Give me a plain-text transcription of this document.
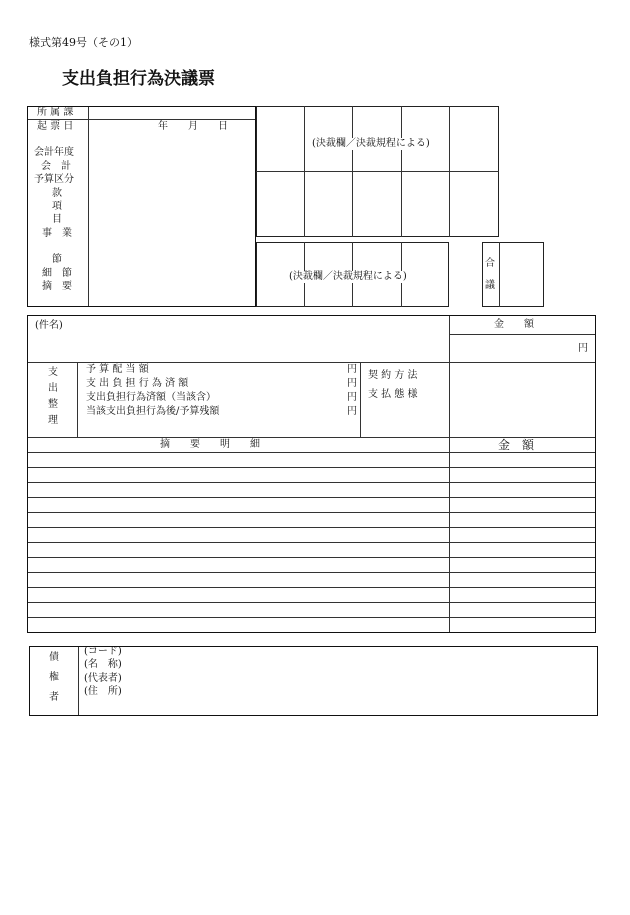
様式第49号（その1）
支出負担行為決議票
所 属 課
起 票 日	年　　月　　日
会計年度
会　計
予算区分
款
項
目
事　業
節
細　節
摘　要
(決裁欄／決裁規程による)
(決裁欄／決裁規程による)
合
議
(件名)	金　　額
円
支
出
整
理
予 算 配 当 額	円
支 出 負 担 行 為 済 額	円
支出負担行為済額（当該含）	円
当該支出負担行為後/予算残額	円
契 約 方 法
支 払 態 様
摘　　要　　明　　細	金　額
債
権
者
(コード)
(名　称)
(代表者)
(住　所)
